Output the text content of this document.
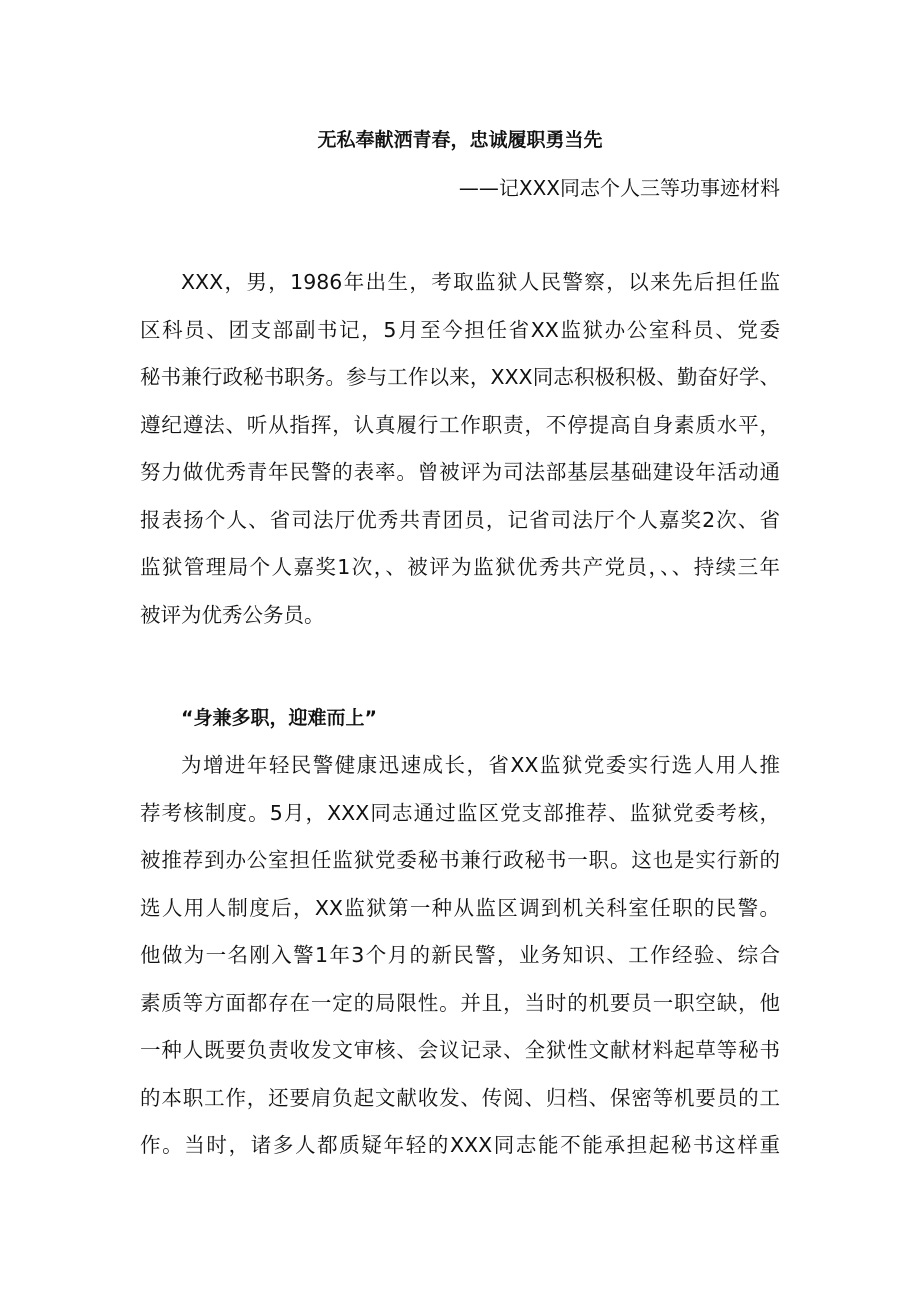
无私奉献洒青春，忠诚履职勇当先
——记XXX同志个人三等功事迹材料
XXX，男，1986年出生，考取监狱人民警察，以来先后担任监
区科员、团支部副书记，5月至今担任省XX监狱办公室科员、党委
秘书兼行政秘书职务。参与工作以来，XXX同志积极积极、勤奋好学、
遵纪遵法、听从指挥，认真履行工作职责，不停提高自身素质水平，
努力做优秀青年民警的表率。曾被评为司法部基层基础建设年活动通
报表扬个人、省司法厅优秀共青团员，记省司法厅个人嘉奖2次、省
监狱管理局个人嘉奖1次，、被评为监狱优秀共产党员，、、持续三年
被评为优秀公务员。
“身兼多职，迎难而上”
为增进年轻民警健康迅速成长，省XX监狱党委实行选人用人推
荐考核制度。5月，XXX同志通过监区党支部推荐、监狱党委考核，
被推荐到办公室担任监狱党委秘书兼行政秘书一职。这也是实行新的
选人用人制度后，XX监狱第一种从监区调到机关科室任职的民警。
他做为一名刚入警1年3个月的新民警，业务知识、工作经验、综合
素质等方面都存在一定的局限性。并且，当时的机要员一职空缺，他
一种人既要负责收发文审核、会议记录、全狱性文献材料起草等秘书
的本职工作，还要肩负起文献收发、传阅、归档、保密等机要员的工
作。当时，诸多人都质疑年轻的XXX同志能不能承担起秘书这样重
